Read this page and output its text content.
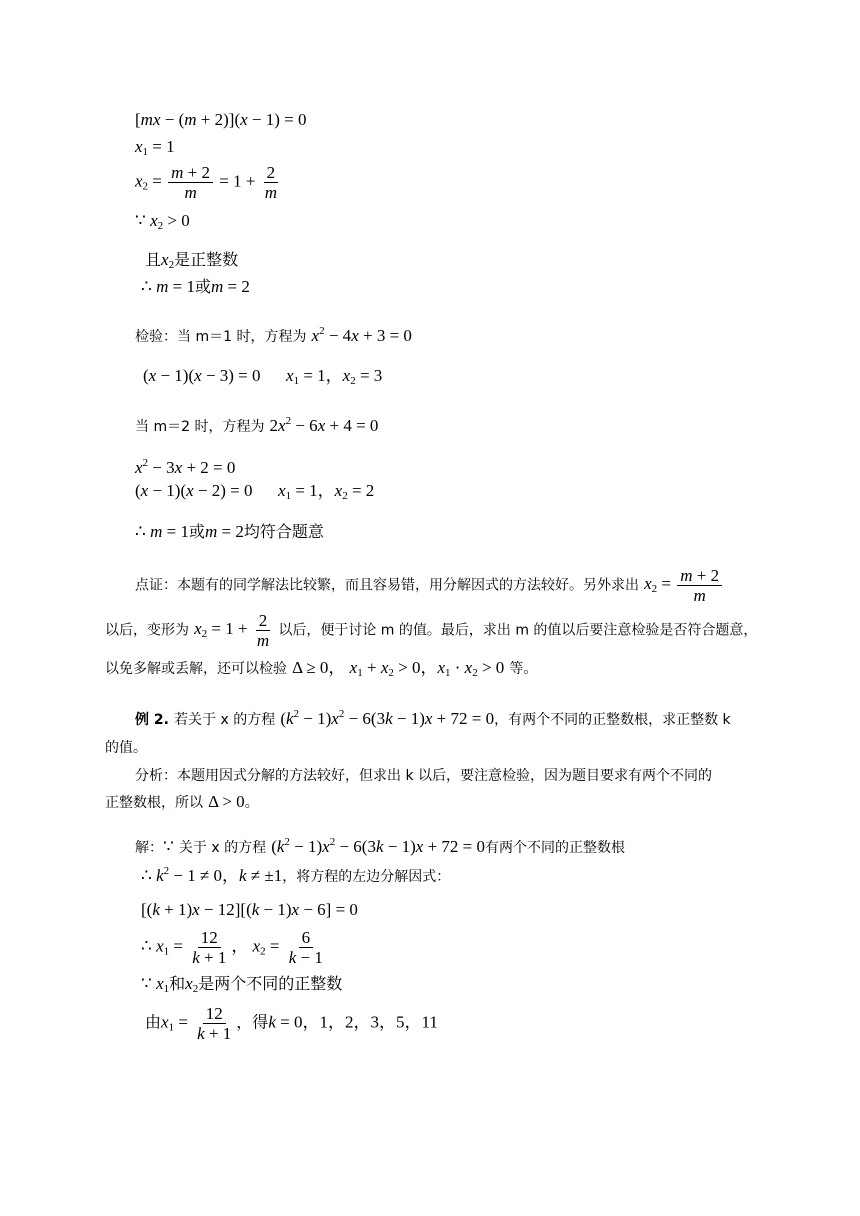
[mx − (m + 2)](x − 1) = 0
$x_1 = 1$
$x_2 = \frac{m + 2}{m} = 1 + \frac{2}{m}$
∵ $x_2 > 0$
且$x_2$是正整数
∴ m = 1或m = 2
检验：当 m＝1 时，方程为 $x^2 - 4x + 3 = 0$
(x − 1)(x − 3) = 0      $x_1 = 1$，$x_2 = 3$
当 m＝2 时，方程为 $2x^2 - 6x + 4 = 0$
$x^2 - 3x + 2 = 0$
(x − 1)(x − 2) = 0      $x_1 = 1$，$x_2 = 2$
∴ m = 1或m = 2均符合题意
点证：本题有的同学解法比较繁，而且容易错，用分解因式的方法较好。另外求出 $x_2 = \frac{m + 2}{m}$
以后，变形为 $x_2 = 1 + \frac{2}{m}$ 以后，便于讨论 m 的值。最后，求出 m 的值以后要注意检验是否符合题意，
以免多解或丢解，还可以检验 Δ ≥ 0， $x_1 + x_2 > 0$，$x_1 \cdot x_2 > 0$ 等。
例 2. 若关于 x 的方程 $(k^2 - 1)x^2 - 6(3k - 1)x + 72 = 0$，有两个不同的正整数根，求正整数 k
的值。
分析：本题用因式分解的方法较好，但求出 k 以后，要注意检验，因为题目要求有两个不同的
正整数根，所以 Δ > 0。
解：∵ 关于 x 的方程 $(k^2 - 1)x^2 - 6(3k - 1)x + 72 = 0$有两个不同的正整数根
∴ $k^2 - 1 \ne 0$，k ≠ ±1，将方程的左边分解因式：
[(k + 1)x − 12][(k − 1)x − 6] = 0
∴ $x_1 = \frac{12}{k + 1}$ ， $x_2 = \frac{6}{k - 1}$
∵ $x_1$和$x_2$是两个不同的正整数
由$x_1 = \frac{12}{k + 1}$ ，得k = 0，1，2，3，5，11
